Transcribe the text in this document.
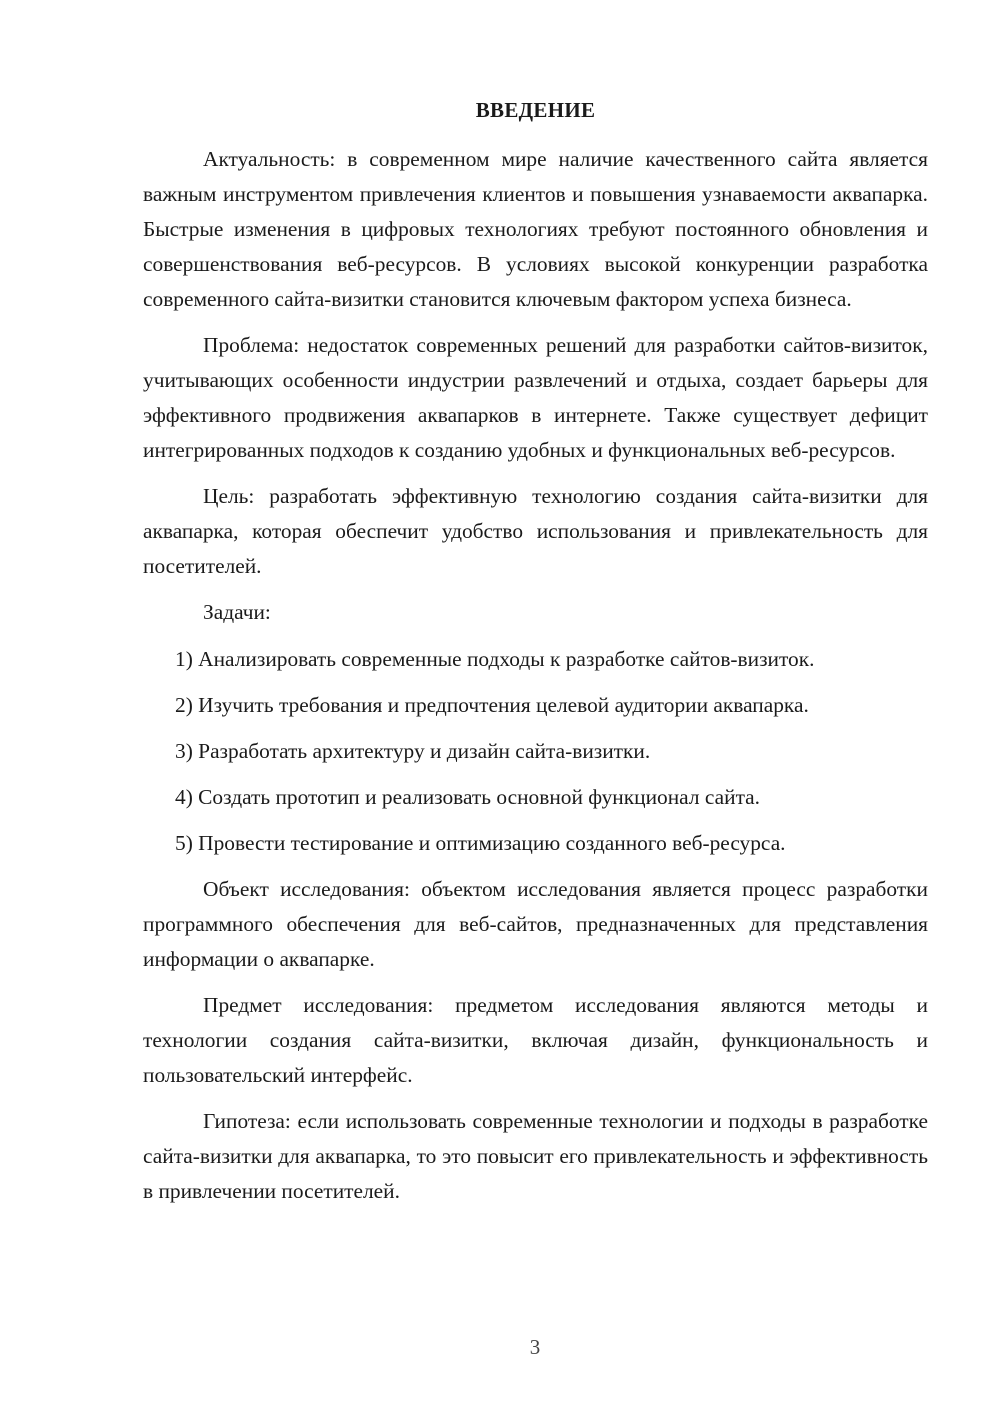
ВВЕДЕНИЕ

Актуальность: в современном мире наличие качественного сайта является важным инструментом привлечения клиентов и повышения узнаваемости аквапарка. Быстрые изменения в цифровых технологиях требуют постоянного обновления и совершенствования веб-ресурсов. В условиях высокой конкуренции разработка современного сайта-визитки становится ключевым фактором успеха бизнеса.

Проблема: недостаток современных решений для разработки сайтов-визиток, учитывающих особенности индустрии развлечений и отдыха, создает барьеры для эффективного продвижения аквапарков в интернете. Также существует дефицит интегрированных подходов к созданию удобных и функциональных веб-ресурсов.

Цель: разработать эффективную технологию создания сайта-визитки для аквапарка, которая обеспечит удобство использования и привлекательность для посетителей.

Задачи:

1) Анализировать современные подходы к разработке сайтов-визиток.

2) Изучить требования и предпочтения целевой аудитории аквапарка.

3) Разработать архитектуру и дизайн сайта-визитки.

4) Создать прототип и реализовать основной функционал сайта.

5) Провести тестирование и оптимизацию созданного веб-ресурса.

Объект исследования: объектом исследования является процесс разработки программного обеспечения для веб-сайтов, предназначенных для представления информации о аквапарке.

Предмет исследования: предметом исследования являются методы и технологии создания сайта-визитки, включая дизайн, функциональность и пользовательский интерфейс.

Гипотеза: если использовать современные технологии и подходы в разработке сайта-визитки для аквапарка, то это повысит его привлекательность и эффективность в привлечении посетителей.

3
